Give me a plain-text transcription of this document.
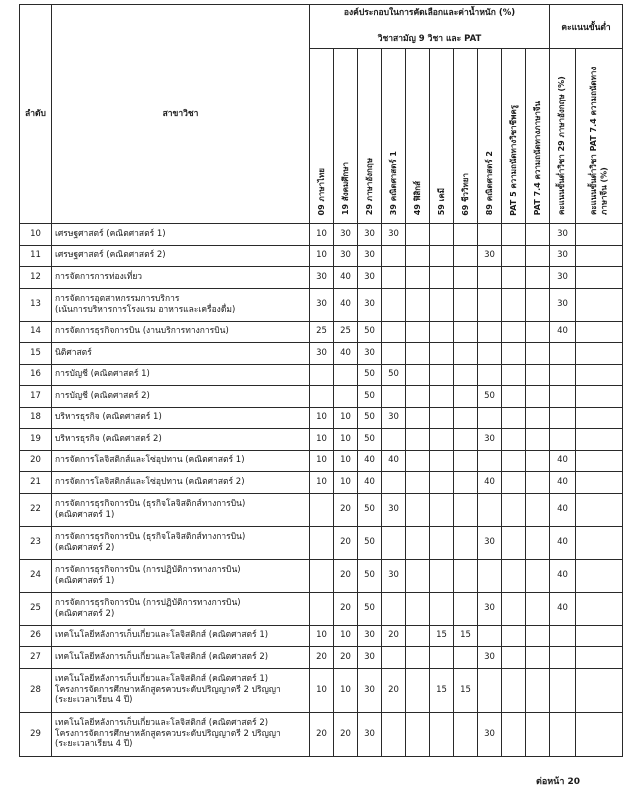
ลำดับ	สาขาวิชา	องค์ประกอบในการคัดเลือกและค่าน้ำหนัก (%)										คะแนนขั้นต่ำ	
		วิชาสามัญ 9 วิชา และ PAT											
		09 ภาษาไทย	19 สังคมศึกษา	29 ภาษาอังกฤษ	39 คณิตศาสตร์ 1	49 ฟิสิกส์	59 เคมี	69 ชีววิทยา	89 คณิตศาสตร์ 2	PAT 5 ความถนัดทางวิชาชีพครู	PAT 7.4 ความถนัดทางภาษาจีน	คะแนนขั้นต่ำวิชา 29 ภาษาอังกฤษ (%)	คะแนนขั้นต่ำวิชา PAT 7.4 ความถนัดทางภาษาจีน (%)
10	เศรษฐศาสตร์ (คณิตศาสตร์ 1)	10	30	30	30							30	
11	เศรษฐศาสตร์ (คณิตศาสตร์ 2)	10	30	30					30			30	
12	การจัดการการท่องเที่ยว	30	40	30								30	
13	การจัดการอุตสาหกรรมการบริการ
(เน้นการบริหารการโรงแรม อาหารและเครื่องดื่ม)	30	40	30								30	
14	การจัดการธุรกิจการบิน (งานบริการทางการบิน)	25	25	50								40	
15	นิติศาสตร์	30	40	30									
16	การบัญชี (คณิตศาสตร์ 1)			50	50								
17	การบัญชี (คณิตศาสตร์ 2)			50					50				
18	บริหารธุรกิจ (คณิตศาสตร์ 1)	10	10	50	30								
19	บริหารธุรกิจ (คณิตศาสตร์ 2)	10	10	50					30				
20	การจัดการโลจิสติกส์และโซ่อุปทาน (คณิตศาสตร์ 1)	10	10	40	40							40	
21	การจัดการโลจิสติกส์และโซ่อุปทาน (คณิตศาสตร์ 2)	10	10	40					40			40	
22	การจัดการธุรกิจการบิน (ธุรกิจโลจิสติกส์ทางการบิน)
(คณิตศาสตร์ 1)		20	50	30							40	
23	การจัดการธุรกิจการบิน (ธุรกิจโลจิสติกส์ทางการบิน)
(คณิตศาสตร์ 2)		20	50					30			40	
24	การจัดการธุรกิจการบิน (การปฏิบัติการทางการบิน)
(คณิตศาสตร์ 1)		20	50	30							40	
25	การจัดการธุรกิจการบิน (การปฏิบัติการทางการบิน)
(คณิตศาสตร์ 2)		20	50					30			40	
26	เทคโนโลยีหลังการเก็บเกี่ยวและโลจิสติกส์ (คณิตศาสตร์ 1)	10	10	30	20		15	15					
27	เทคโนโลยีหลังการเก็บเกี่ยวและโลจิสติกส์ (คณิตศาสตร์ 2)	20	20	30					30				
28	เทคโนโลยีหลังการเก็บเกี่ยวและโลจิสติกส์ (คณิตศาสตร์ 1)
โครงการจัดการศึกษาหลักสูตรควบระดับปริญญาตรี 2 ปริญญา
(ระยะเวลาเรียน 4 ปี)	10	10	30	20		15	15					
29	เทคโนโลยีหลังการเก็บเกี่ยวและโลจิสติกส์ (คณิตศาสตร์ 2)
โครงการจัดการศึกษาหลักสูตรควบระดับปริญญาตรี 2 ปริญญา
(ระยะเวลาเรียน 4 ปี)	20	20	30					30				
ต่อหน้า 20
